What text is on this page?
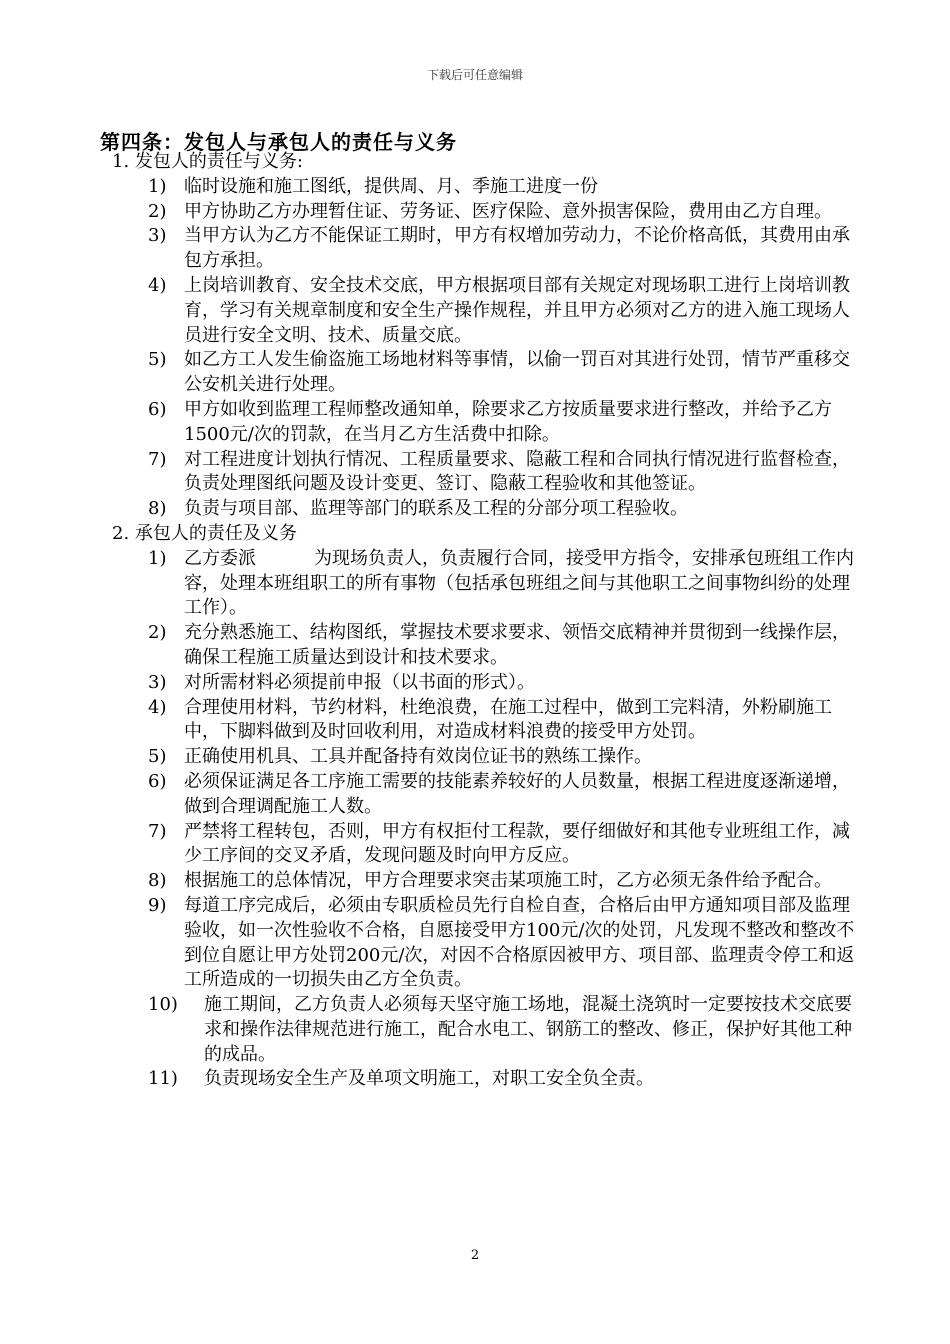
下载后可任意编辑
第四条：发包人与承包人的责任与义务
1. 发包人的责任与义务:
1) 临时设施和施工图纸，提供周、月、季施工进度一份
2) 甲方协助乙方办理暂住证、劳务证、医疗保险、意外损害保险，费用由乙方自理。
3) 当甲方认为乙方不能保证工期时，甲方有权增加劳动力，不论价格高低，其费用由承包方承担。
4) 上岗培训教育、安全技术交底，甲方根据项目部有关规定对现场职工进行上岗培训教育，学习有关规章制度和安全生产操作规程，并且甲方必须对乙方的进入施工现场人员进行安全文明、技术、质量交底。
5) 如乙方工人发生偷盗施工场地材料等事情，以偷一罚百对其进行处罚，情节严重移交公安机关进行处理。
6) 甲方如收到监理工程师整改通知单，除要求乙方按质量要求进行整改，并给予乙方1500元/次的罚款，在当月乙方生活费中扣除。
7) 对工程进度计划执行情况、工程质量要求、隐蔽工程和合同执行情况进行监督检查，负责处理图纸问题及设计变更、签订、隐蔽工程验收和其他签证。
8) 负责与项目部、监理等部门的联系及工程的分部分项工程验收。
2. 承包人的责任及义务
1) 乙方委派	为现场负责人，负责履行合同，接受甲方指令，安排承包班组工作内容，处理本班组职工的所有事物（包括承包班组之间与其他职工之间事物纠纷的处理工作）。
2) 充分熟悉施工、结构图纸，掌握技术要求要求、领悟交底精神并贯彻到一线操作层，确保工程施工质量达到设计和技术要求。
3) 对所需材料必须提前申报（以书面的形式）。
4) 合理使用材料，节约材料，杜绝浪费，在施工过程中，做到工完料清，外粉刷施工中，下脚料做到及时回收利用，对造成材料浪费的接受甲方处罚。
5) 正确使用机具、工具并配备持有效岗位证书的熟练工操作。
6) 必须保证满足各工序施工需要的技能素养较好的人员数量，根据工程进度逐渐递增，做到合理调配施工人数。
7) 严禁将工程转包，否则，甲方有权拒付工程款，要仔细做好和其他专业班组工作，减少工序间的交叉矛盾，发现问题及时向甲方反应。
8) 根据施工的总体情况，甲方合理要求突击某项施工时，乙方必须无条件给予配合。
9) 每道工序完成后，必须由专职质检员先行自检自查，合格后由甲方通知项目部及监理验收，如一次性验收不合格，自愿接受甲方100元/次的处罚，凡发现不整改和整改不到位自愿让甲方处罚200元/次，对因不合格原因被甲方、项目部、监理责令停工和返工所造成的一切损失由乙方全负责。
10)	施工期间，乙方负责人必须每天坚守施工场地，混凝土浇筑时一定要按技术交底要求和操作法律规范进行施工，配合水电工、钢筋工的整改、修正，保护好其他工种的成品。
11)	负责现场安全生产及单项文明施工，对职工安全负全责。
2
